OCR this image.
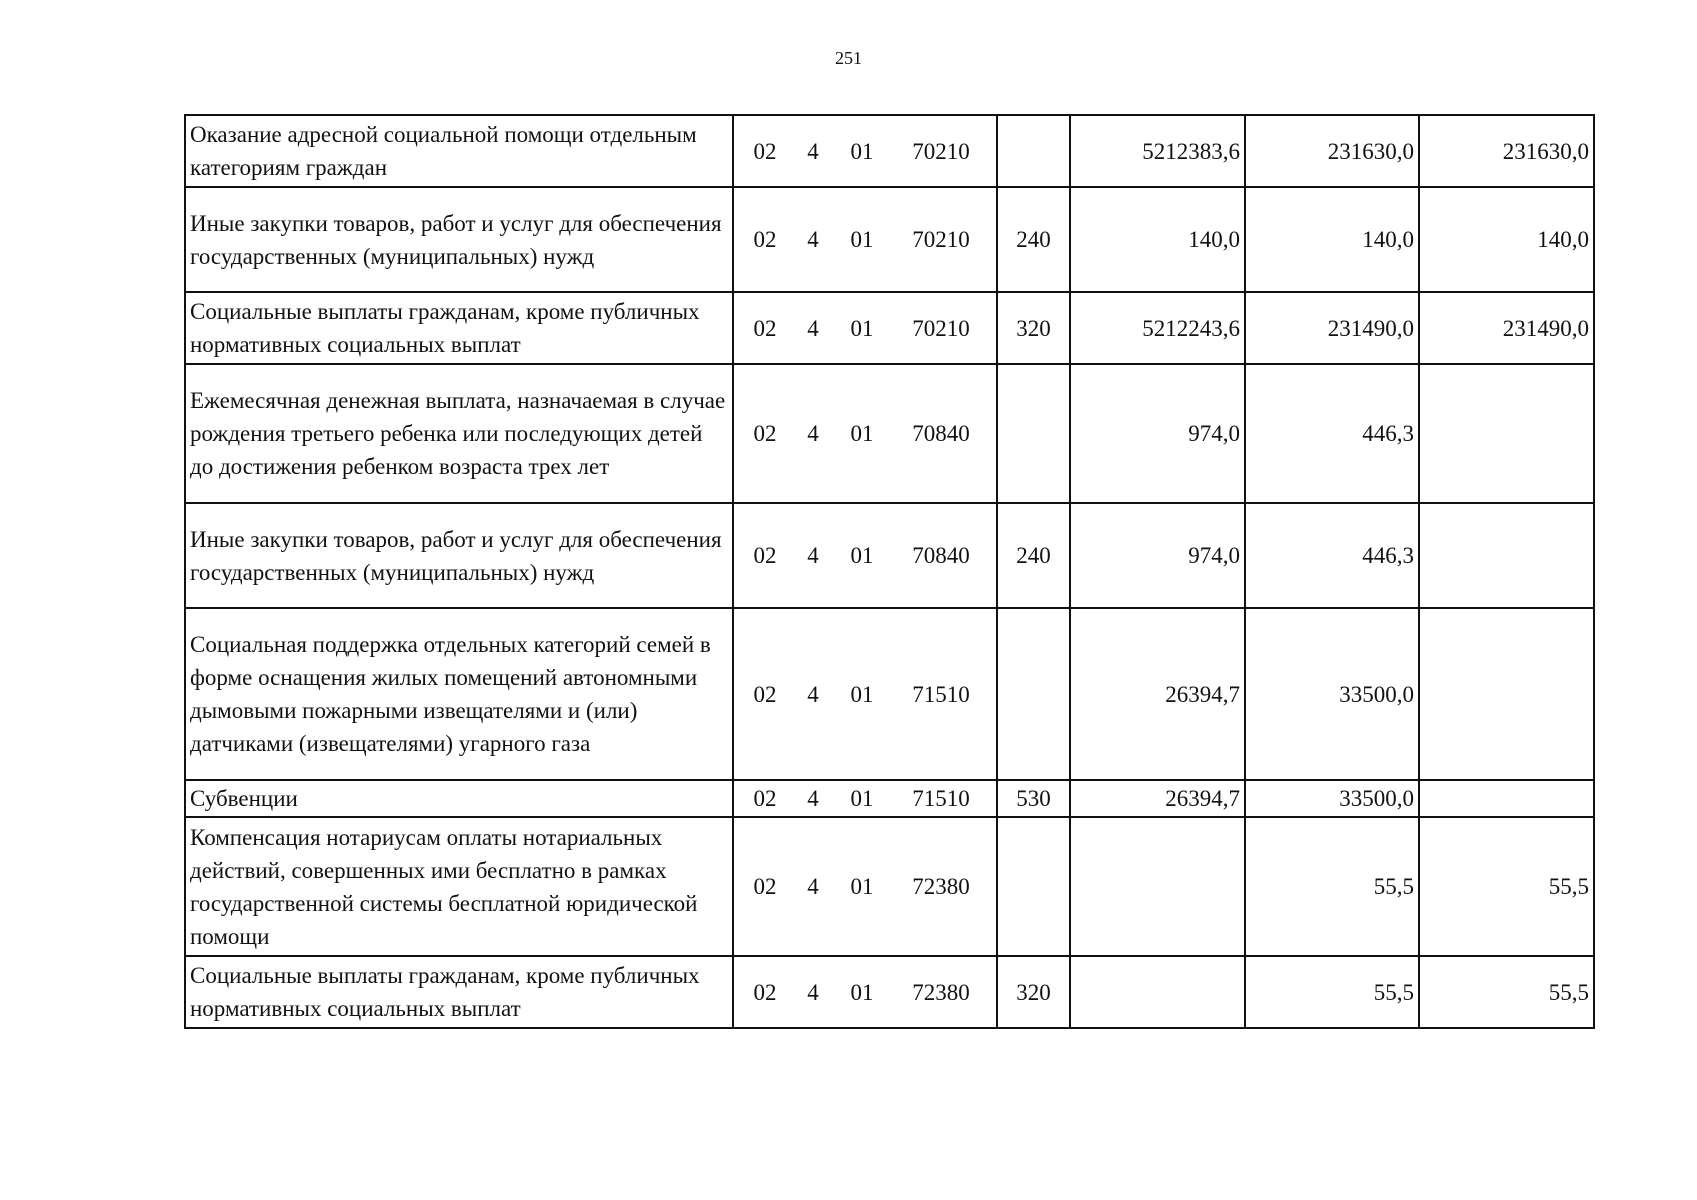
251
Оказание адресной социальной помощи отдельным категориям граждан	02 4 01 70210		5212383,6	231630,0	231630,0
Иные закупки товаров, работ и услуг для обеспечения государственных (муниципальных) нужд	02 4 01 70210	240	140,0	140,0	140,0
Социальные выплаты гражданам, кроме публичных нормативных социальных выплат	02 4 01 70210	320	5212243,6	231490,0	231490,0
Ежемесячная денежная выплата, назначаемая в случае рождения третьего ребенка или последующих детей до достижения ребенком возраста трех лет	02 4 01 70840		974,0	446,3	
Иные закупки товаров, работ и услуг для обеспечения государственных (муниципальных) нужд	02 4 01 70840	240	974,0	446,3	
Социальная поддержка отдельных категорий семей в форме оснащения жилых помещений автономными дымовыми пожарными извещателями и (или) датчиками (извещателями) угарного газа	02 4 01 71510		26394,7	33500,0	
Субвенции	02 4 01 71510	530	26394,7	33500,0	
Компенсация нотариусам оплаты нотариальных действий, совершенных ими бесплатно в рамках государственной системы бесплатной юридической помощи	02 4 01 72380			55,5	55,5
Социальные выплаты гражданам, кроме публичных нормативных социальных выплат	02 4 01 72380	320		55,5	55,5
